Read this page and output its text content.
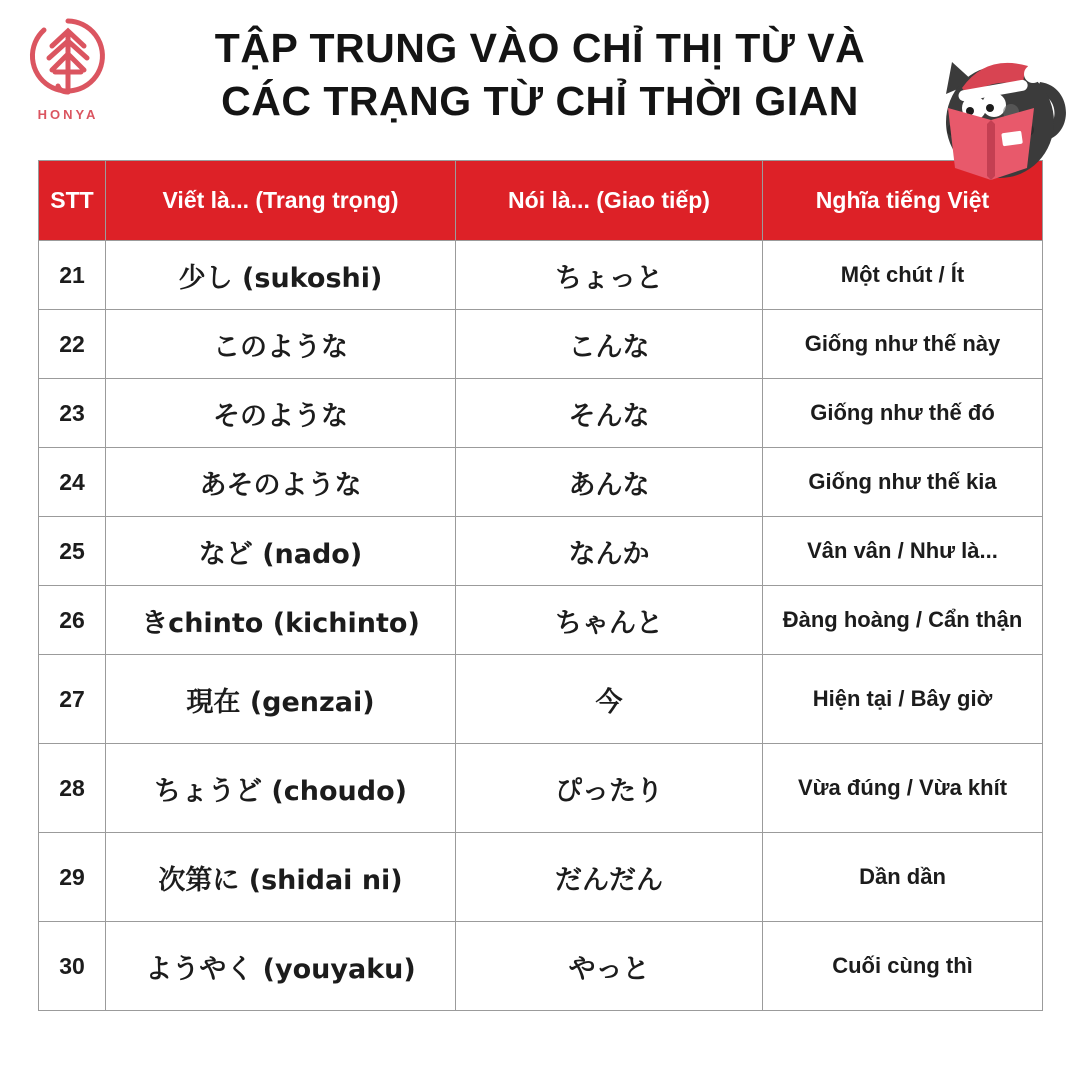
HONYA
TẬP TRUNG VÀO CHỈ THỊ TỪ VÀ
CÁC TRẠNG TỪ CHỈ THỜI GIAN
STT	Viết là... (Trang trọng)	Nói là... (Giao tiếp)	Nghĩa tiếng Việt
21	少し (sukoshi)	ちょっと	Một chút / Ít
22	このような	こんな	Giống như thế này
23	そのような	そんな	Giống như thế đó
24	あそのような	あんな	Giống như thế kia
25	など (nado)	なんか	Vân vân / Như là...
26	きchinto (kichinto)	ちゃんと	Đàng hoàng / Cẩn thận
27	現在 (genzai)	今	Hiện tại / Bây giờ
28	ちょうど (choudo)	ぴったり	Vừa đúng / Vừa khít
29	次第に (shidai ni)	だんだん	Dần dần
30	ようやく (youyaku)	やっと	Cuối cùng thì
